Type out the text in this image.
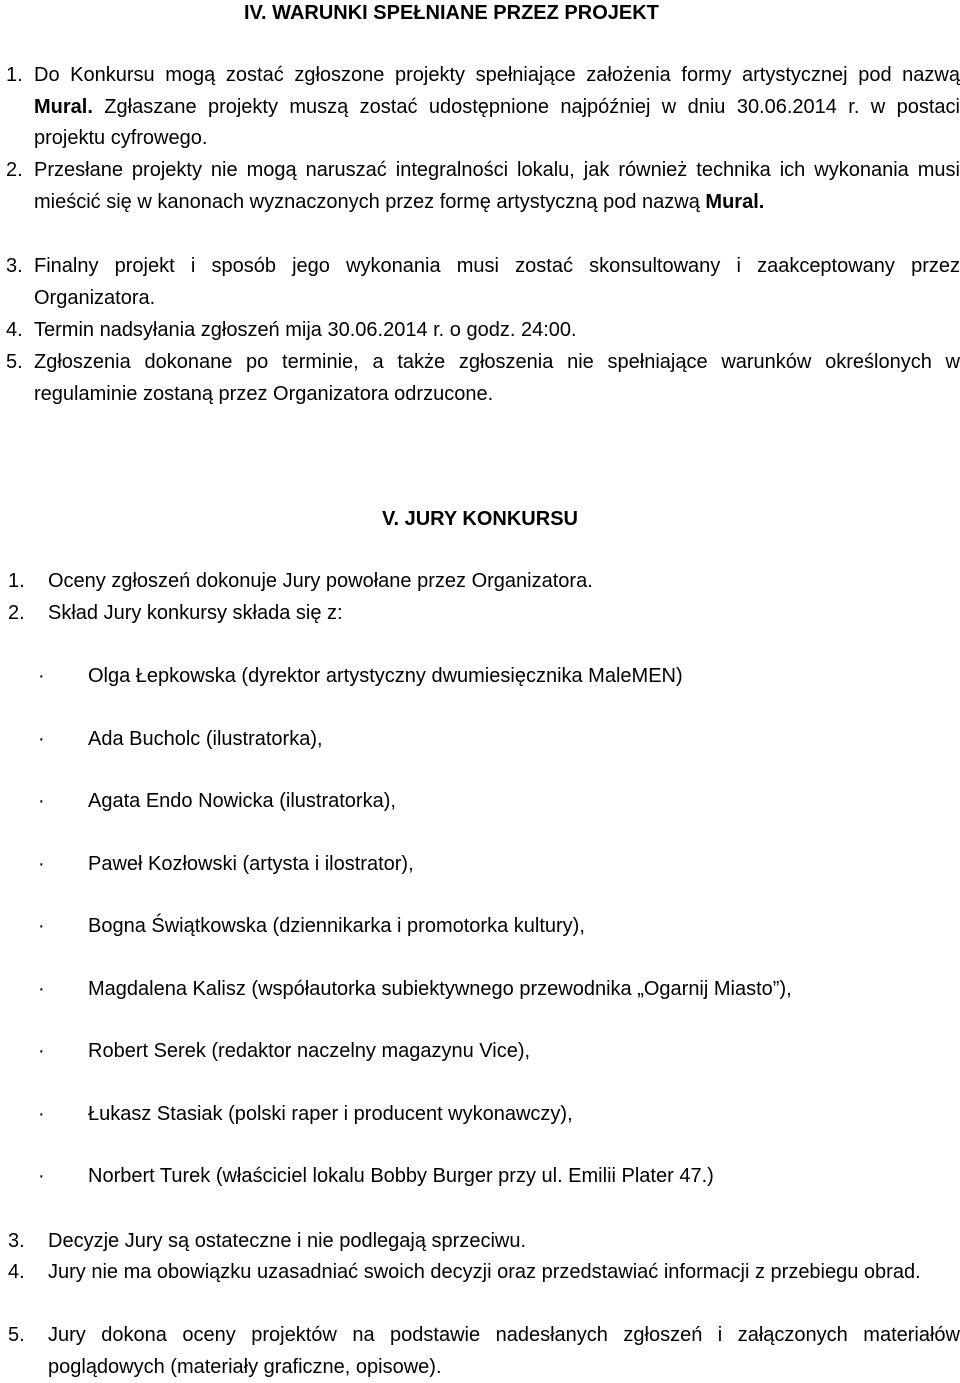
IV. WARUNKI SPEŁNIANE PRZEZ PROJEKT
1. Do Konkursu mogą zostać zgłoszone projekty spełniające założenia formy artystycznej pod nazwą Mural. Zgłaszane projekty muszą zostać udostępnione najpóźniej w dniu 30.06.2014 r. w postaci projektu cyfrowego.
2. Przesłane projekty nie mogą naruszać integralności lokalu, jak również technika ich wykonania musi mieścić się w kanonach wyznaczonych przez formę artystyczną pod nazwą Mural.
3. Finalny projekt i sposób jego wykonania musi zostać skonsultowany i zaakceptowany przez Organizatora.
4. Termin nadsyłania zgłoszeń mija 30.06.2014 r. o godz. 24:00.
5. Zgłoszenia dokonane po terminie, a także zgłoszenia nie spełniające warunków określonych w regulaminie zostaną przez Organizatora odrzucone.
V. JURY KONKURSU
1. Oceny zgłoszeń dokonuje Jury powołane przez Organizatora.
2. Skład Jury konkursy składa się z:
· Olga Łepkowska (dyrektor artystyczny dwumiesięcznika MaleMEN)
· Ada Bucholc (ilustratorka),
· Agata Endo Nowicka (ilustratorka),
· Paweł Kozłowski (artysta i ilostrator),
· Bogna Świątkowska (dziennikarka i promotorka kultury),
· Magdalena Kalisz (współautorka subiektywnego przewodnika „Ogarnij Miasto”),
· Robert Serek (redaktor naczelny magazynu Vice),
· Łukasz Stasiak (polski raper i producent wykonawczy),
· Norbert Turek (właściciel lokalu Bobby Burger przy ul. Emilii Plater 47.)
3. Decyzje Jury są ostateczne i nie podlegają sprzeciwu.
4. Jury nie ma obowiązku uzasadniać swoich decyzji oraz przedstawiać informacji z przebiegu obrad.
5. Jury dokona oceny projektów na podstawie nadesłanych zgłoszeń i załączonych materiałów poglądowych (materiały graficzne, opisowe).
